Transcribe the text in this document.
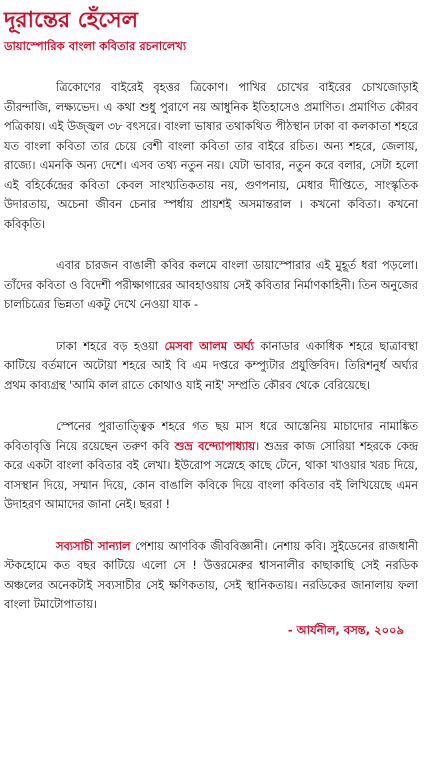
দূরান্তের হেঁসেল
ডায়াস্পোরিক বাংলা কবিতার রচনালেখ্য

ত্রিকোণের বাইরেই বৃহত্তর ত্রিকোণ। পাখির চোখের বাইরের চোখজোড়াই তীরন্দাজি, লক্ষ্যভেদ। এ কথা শুধু পুরাণে নয় আধুনিক ইতিহাসেও প্রমাণিত। প্রমাণিত কৌরব পত্রিকায়। এই উজ্জ্বল ৩৮ বৎসরে। বাংলা ভাষার তথাকথিত পীঠস্থান ঢাকা বা কলকাতা শহরে যত বাংলা কবিতা তার চেয়ে বেশী বাংলা কবিতা তার বাইরে রচিত। অন্য শহরে, জেলায়, রাজ্যে। এমনকি অন্য দেশে। এসব তথ্য নতুন নয়। যেটা ভাবার, নতুন করে বলার, সেটা হলো এই বহির্কেন্দ্রের কবিতা কেবল সাংখ্যতিকতায় নয়, গুণপনায়, মেধার দীপ্তিতে, সাংস্কৃতিক উদারতায়, অচেনা জীবন চেনার স্পর্ধায় প্রায়শই অসমান্তরাল । কখনো কবিতা। কখনো কবিকৃতি।

এবার চারজন বাঙালী কবির কলমে বাংলা ডায়াস্পোরার এই মুহূর্ত ধরা পড়লো। তাঁদের কবিতা ও বিদেশী পরীক্ষাগারের আবহাওয়ায় সেই কবিতার নির্মাণকাহিনী। তিন অনুজের চালচিত্রের ভিন্নতা একটু দেখে নেওয়া যাক -

ঢাকা শহরে বড় হওয়া মেসবা আলম অর্ঘ্য কানাডার একাধিক শহরে ছাত্রাবস্থা কাটিয়ে বর্তমানে অটোয়া শহরে আই বি এম দপ্তরে কম্প্যুটার প্রযুক্তিবিদ। তিরিশনুর্ধ অর্ঘ্যর প্রথম কাব্যগ্রন্থ 'আমি কাল রাতে কোথাও যাই নাই' সম্প্রতি কৌরব থেকে বেরিয়েছে।

স্পেনের পুরাতাত্ত্বিক শহরে গত ছয় মাস ধরে আস্তেনিয় মাচাদোর নামাঙ্কিত কবিতাবৃত্তি নিয়ে রয়েছেন তরুণ কবি শুভ্র বন্দ্যোপাধ্যায়। শুভ্রর কাজ সোরিয়া শহরকে কেন্দ্র করে একটা বাংলা কবিতার বই লেখা। ইউরোপ সস্নেহে কাছে টেনে, থাকা খাওয়ার খরচ দিয়ে, বাসস্থান দিয়ে, সম্মান দিয়ে, কোন বাঙালি কবিকে দিয়ে বাংলা কবিতার বই লিখিয়েছে এমন উদাহরণ আমাদের জানা নেই। ছররা !

সব্যসাচী সান্যাল পেশায় আণবিক জীববিজ্ঞানী। নেশায় কবি। সুইডেনের রাজধানী স্টকহোমে কত বছর কাটিয়ে এলো সে ! উত্তরমেরুর শ্বাসনালীর কাছাকাছি সেই নরডিক অঞ্চলের অনেকটাই সব্যসাচীর সেই ক্ষণিকতায়, সেই স্থানিকতায়। নরডিকের জানালায় ফলা বাংলা টমাটোপাতায়।

- আর্যনীল, বসন্ত, ২০০৯
